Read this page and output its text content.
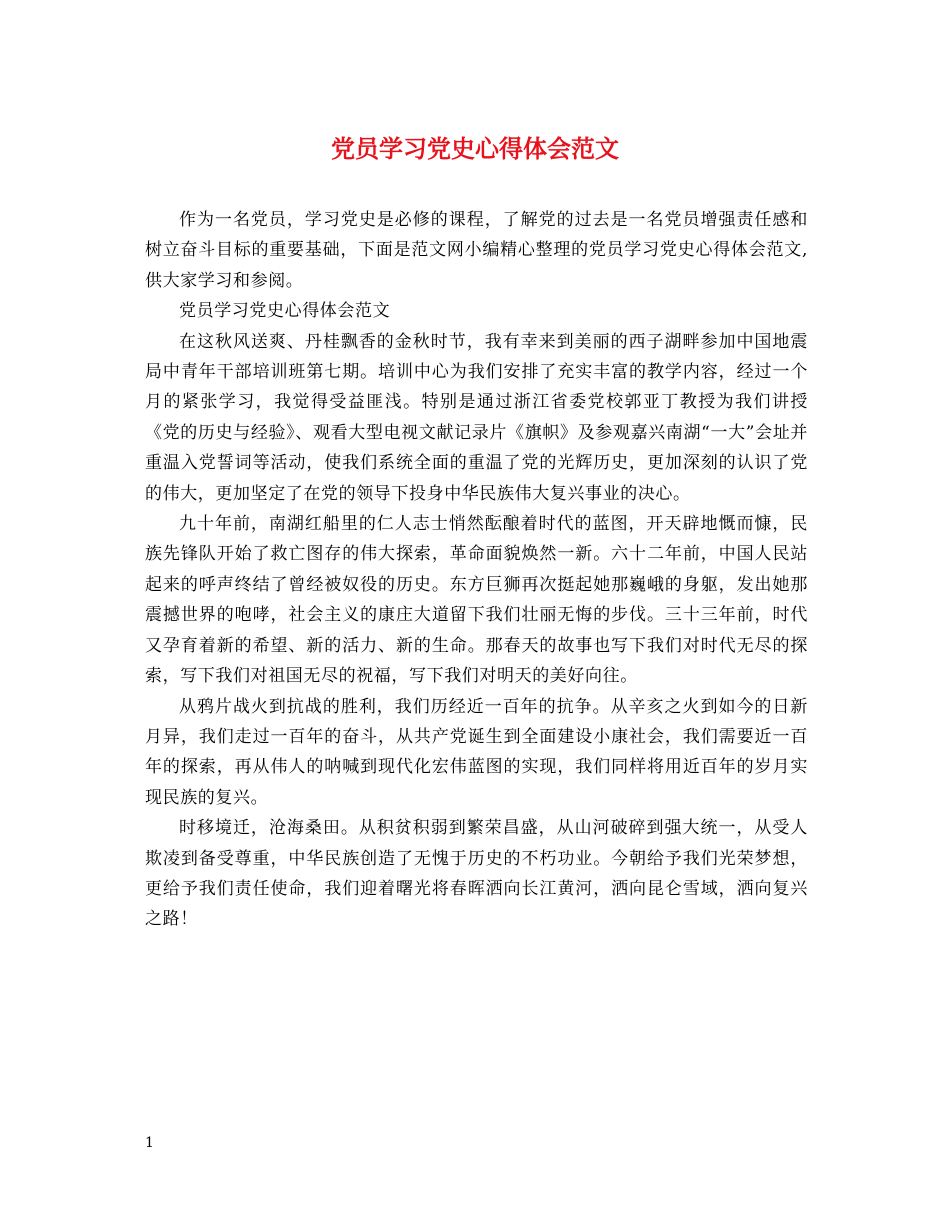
党员学习党史心得体会范文

作为一名党员，学习党史是必修的课程，了解党的过去是一名党员增强责任感和树立奋斗目标的重要基础，下面是范文网小编精心整理的党员学习党史心得体会范文,供大家学习和参阅。

党员学习党史心得体会范文

在这秋风送爽、丹桂飘香的金秋时节，我有幸来到美丽的西子湖畔参加中国地震局中青年干部培训班第七期。培训中心为我们安排了充实丰富的教学内容，经过一个月的紧张学习，我觉得受益匪浅。特别是通过浙江省委党校郭亚丁教授为我们讲授《党的历史与经验》、观看大型电视文献记录片《旗帜》及参观嘉兴南湖“一大”会址并重温入党誓词等活动，使我们系统全面的重温了党的光辉历史，更加深刻的认识了党的伟大，更加坚定了在党的领导下投身中华民族伟大复兴事业的决心。

九十年前，南湖红船里的仁人志士悄然酝酿着时代的蓝图，开天辟地慨而慷，民族先锋队开始了救亡图存的伟大探索，革命面貌焕然一新。六十二年前，中国人民站起来的呼声终结了曾经被奴役的历史。东方巨狮再次挺起她那巍峨的身躯，发出她那震撼世界的咆哮，社会主义的康庄大道留下我们壮丽无悔的步伐。三十三年前，时代又孕育着新的希望、新的活力、新的生命。那春天的故事也写下我们对时代无尽的探索，写下我们对祖国无尽的祝福，写下我们对明天的美好向往。

从鸦片战火到抗战的胜利，我们历经近一百年的抗争。从辛亥之火到如今的日新月异，我们走过一百年的奋斗，从共产党诞生到全面建设小康社会，我们需要近一百年的探索，再从伟人的呐喊到现代化宏伟蓝图的实现，我们同样将用近百年的岁月实现民族的复兴。

时移境迁，沧海桑田。从积贫积弱到繁荣昌盛，从山河破碎到强大统一，从受人欺凌到备受尊重，中华民族创造了无愧于历史的不朽功业。今朝给予我们光荣梦想，更给予我们责任使命，我们迎着曙光将春晖洒向长江黄河，洒向昆仑雪域，洒向复兴之路！

1
